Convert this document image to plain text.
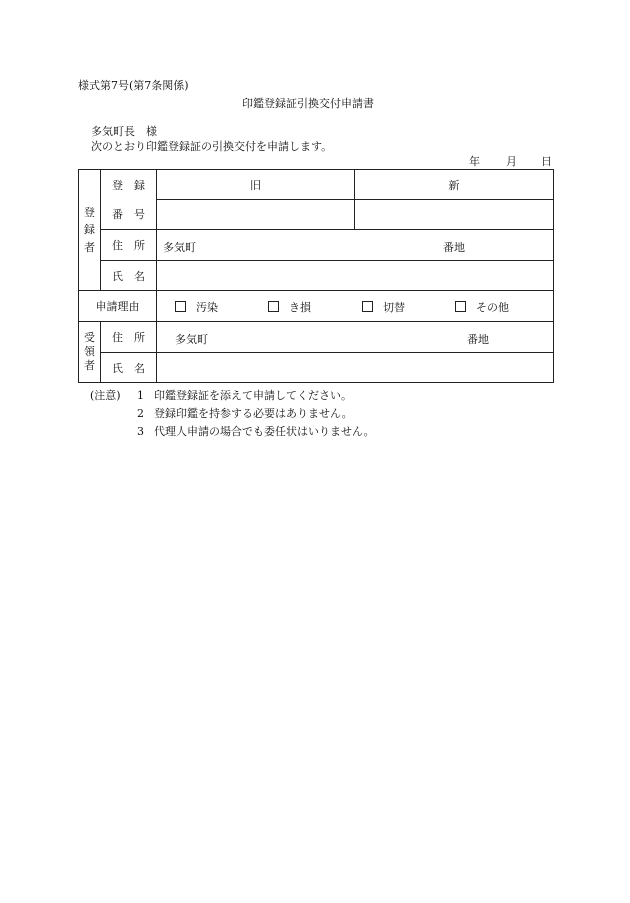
様式第7号(第7条関係)
印鑑登録証引換交付申請書
多気町長　様
次のとおり印鑑登録証の引換交付を申請します。
年 月 日
登
録
者	登　録	旧	新
	番　号		
	住　所	多気町 番地	

	氏　名		
申請理由		汚染 き損 切替 その他	

受
領
者	住　所	多気町 番地	

	氏　名		
(注意) 1 印鑑登録証を添えて申請してください。
2 登録印鑑を持参する必要はありません。
3 代理人申請の場合でも委任状はいりません。
